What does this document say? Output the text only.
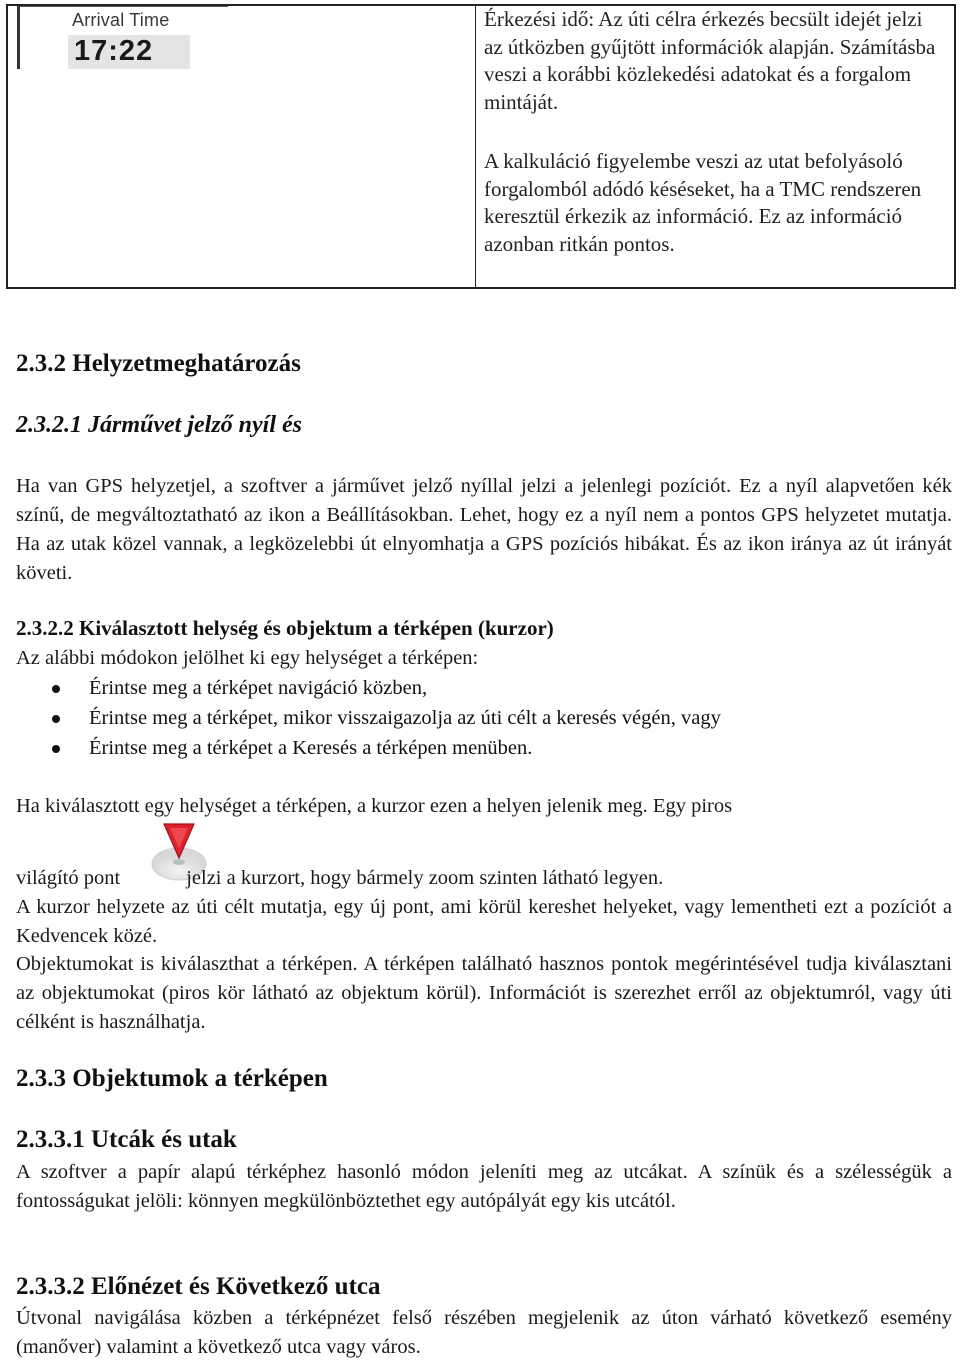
Arrival Time
17:22
Érkezési idő: Az úti célra érkezés becsült idejét jelzi az útközben gyűjtött információk alapján. Számításba veszi a korábbi közlekedési adatokat és a forgalom mintáját.
A kalkuláció figyelembe veszi az utat befolyásoló forgalomból adódó késéseket, ha a TMC rendszeren keresztül érkezik az információ. Ez az információ azonban ritkán pontos.
2.3.2 Helyzetmeghatározás
2.3.2.1 Járművet jelző nyíl és
Ha van GPS helyzetjel, a szoftver a járművet jelző nyíllal jelzi a jelenlegi pozíciót. Ez a nyíl alapvetően kék színű, de megváltoztatható az ikon a Beállításokban. Lehet, hogy ez a nyíl nem a pontos GPS helyzetet mutatja. Ha az utak közel vannak, a legközelebbi út elnyomhatja a GPS pozíciós hibákat. És az ikon iránya az út irányát követi.
2.3.2.2 Kiválasztott helység és objektum a térképen (kurzor)
Az alábbi módokon jelölhet ki egy helységet a térképen:
Érintse meg a térképet navigáció közben,
Érintse meg a térképet, mikor visszaigazolja az úti célt a keresés végén, vagy
Érintse meg a térképet a Keresés a térképen menüben.
Ha kiválasztott egy helységet a térképen, a kurzor ezen a helyen jelenik meg. Egy piros
világító pont	jelzi a kurzort, hogy bármely zoom szinten látható legyen.
A kurzor helyzete az úti célt mutatja, egy új pont, ami körül kereshet helyeket, vagy lementheti ezt a pozíciót a Kedvencek közé.
Objektumokat is kiválaszthat a térképen. A térképen található hasznos pontok megérintésével tudja kiválasztani az objektumokat (piros kör látható az objektum körül). Információt is szerezhet erről az objektumról, vagy úti célként is használhatja.
2.3.3 Objektumok a térképen
2.3.3.1 Utcák és utak
A szoftver a papír alapú térképhez hasonló módon jeleníti meg az utcákat. A színük és a szélességük a fontosságukat jelöli: könnyen megkülönböztethet egy autópályát egy kis utcától.
2.3.3.2 Előnézet és Következő utca
Útvonal navigálása közben a térképnézet felső részében megjelenik az úton várható következő esemény (manőver) valamint a következő utca vagy város.
